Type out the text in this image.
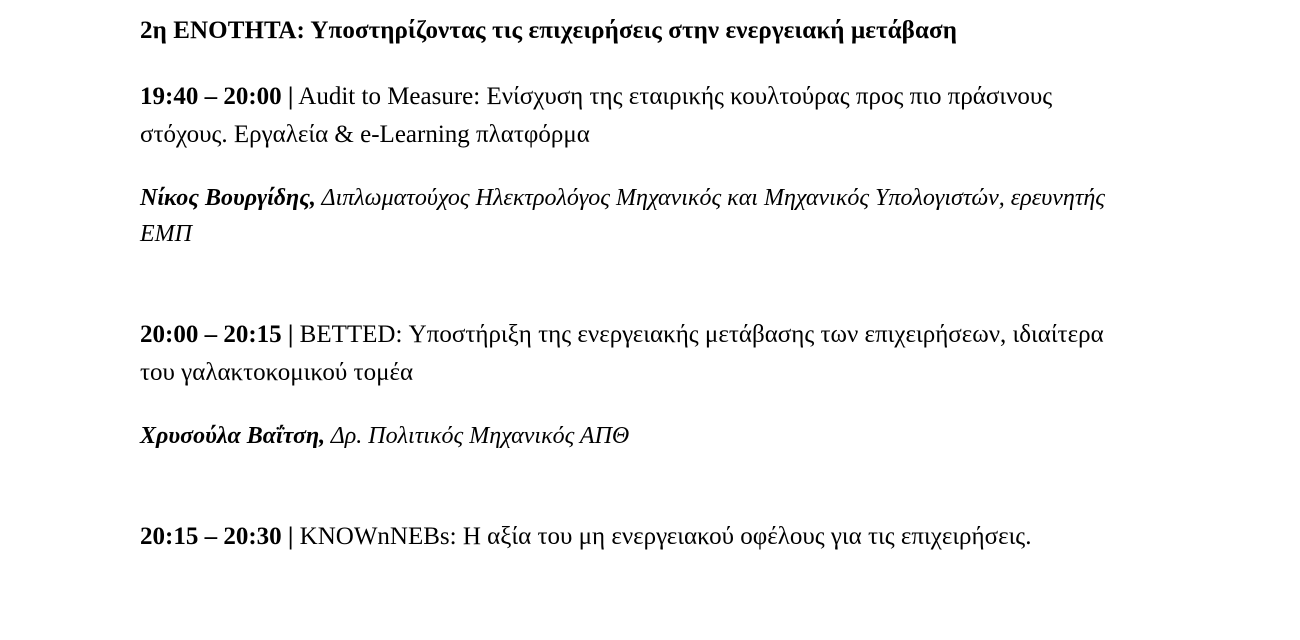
2η ΕΝΟΤΗΤΑ: Υποστηρίζοντας τις επιχειρήσεις στην ενεργειακή μετάβαση

19:40 – 20:00 | Audit to Measure: Ενίσχυση της εταιρικής κουλτούρας προς πιο πράσινους στόχους. Εργαλεία & e-Learning πλατφόρμα

Νίκος Βουργίδης, Διπλωματούχος Ηλεκτρολόγος Μηχανικός και Μηχανικός Υπολογιστών, ερευνητής ΕΜΠ

20:00 – 20:15 | BETTED: Υποστήριξη της ενεργειακής μετάβασης των επιχειρήσεων, ιδιαίτερα του γαλακτοκομικού τομέα

Χρυσούλα Βαΐτση, Δρ. Πολιτικός Μηχανικός ΑΠΘ

20:15 – 20:30 | KNOWnNEBs: Η αξία του μη ενεργειακού οφέλους για τις επιχειρήσεις.
